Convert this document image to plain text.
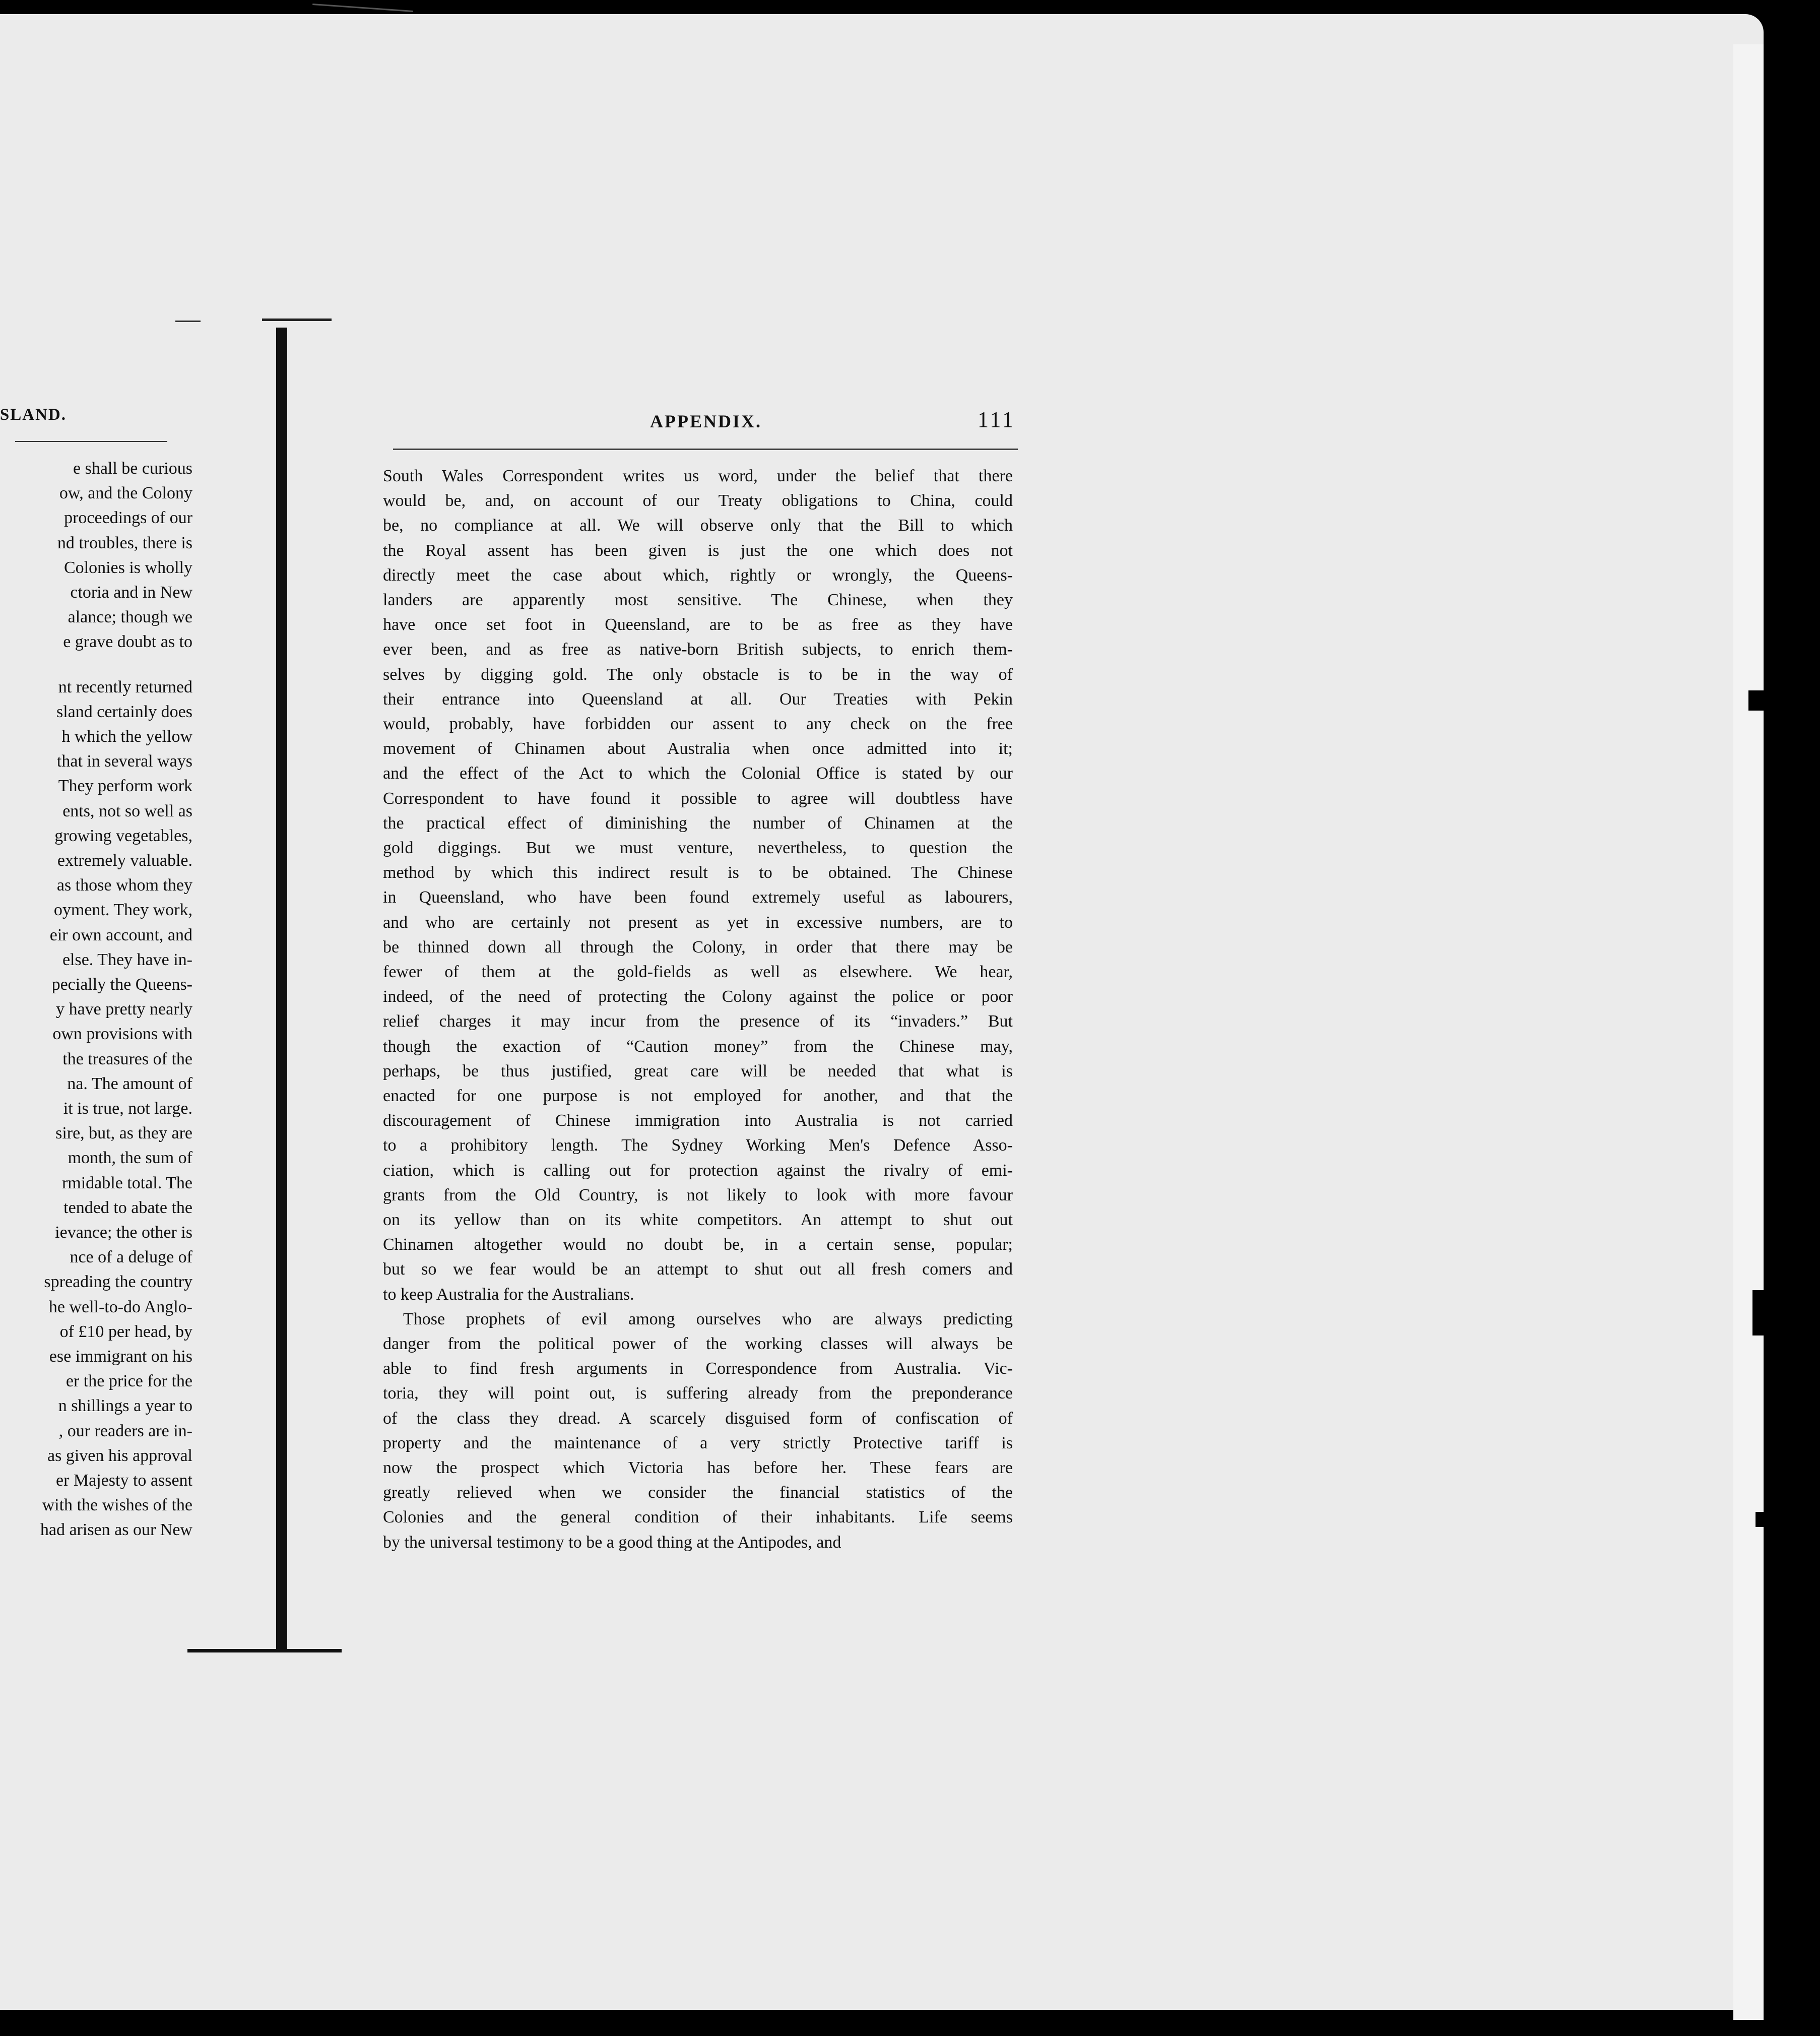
SLAND.
e shall be curious
ow, and the Colony
proceedings of our
nd troubles, there is
Colonies is wholly
ctoria and in New
alance; though we
e grave doubt as to
nt recently returned
sland certainly does
h which the yellow
that in several ways
They perform work
ents, not so well as
growing vegetables,
extremely valuable.
as those whom they
oyment. They work,
eir own account, and
else. They have in-
pecially the Queens-
y have pretty nearly
own provisions with
the treasures of the
na. The amount of
it is true, not large.
sire, but, as they are
month, the sum of
rmidable total. The
tended to abate the
ievance; the other is
nce of a deluge of
spreading the country
he well-to-do Anglo-
of £10 per head, by
ese immigrant on his
er the price for the
n shillings a year to
, our readers are in-
as given his approval
er Majesty to assent
with the wishes of the
had arisen as our New
APPENDIX.	111
South Wales Correspondent writes us word, under the belief that there
would be, and, on account of our Treaty obligations to China, could
be, no compliance at all. We will observe only that the Bill to which
the Royal assent has been given is just the one which does not
directly meet the case about which, rightly or wrongly, the Queens-
landers are apparently most sensitive. The Chinese, when they
have once set foot in Queensland, are to be as free as they have
ever been, and as free as native-born British subjects, to enrich them-
selves by digging gold. The only obstacle is to be in the way of
their entrance into Queensland at all. Our Treaties with Pekin
would, probably, have forbidden our assent to any check on the free
movement of Chinamen about Australia when once admitted into it;
and the effect of the Act to which the Colonial Office is stated by our
Correspondent to have found it possible to agree will doubtless have
the practical effect of diminishing the number of Chinamen at the
gold diggings. But we must venture, nevertheless, to question the
method by which this indirect result is to be obtained. The Chinese
in Queensland, who have been found extremely useful as labourers,
and who are certainly not present as yet in excessive numbers, are to
be thinned down all through the Colony, in order that there may be
fewer of them at the gold-fields as well as elsewhere. We hear,
indeed, of the need of protecting the Colony against the police or poor
relief charges it may incur from the presence of its “invaders.” But
though the exaction of “Caution money” from the Chinese may,
perhaps, be thus justified, great care will be needed that what is
enacted for one purpose is not employed for another, and that the
discouragement of Chinese immigration into Australia is not carried
to a prohibitory length. The Sydney Working Men's Defence Asso-
ciation, which is calling out for protection against the rivalry of emi-
grants from the Old Country, is not likely to look with more favour
on its yellow than on its white competitors. An attempt to shut out
Chinamen altogether would no doubt be, in a certain sense, popular;
but so we fear would be an attempt to shut out all fresh comers and
to keep Australia for the Australians.
Those prophets of evil among ourselves who are always predicting
danger from the political power of the working classes will always be
able to find fresh arguments in Correspondence from Australia. Vic-
toria, they will point out, is suffering already from the preponderance
of the class they dread. A scarcely disguised form of confiscation of
property and the maintenance of a very strictly Protective tariff is
now the prospect which Victoria has before her. These fears are
greatly relieved when we consider the financial statistics of the
Colonies and the general condition of their inhabitants. Life seems
by the universal testimony to be a good thing at the Antipodes, and
